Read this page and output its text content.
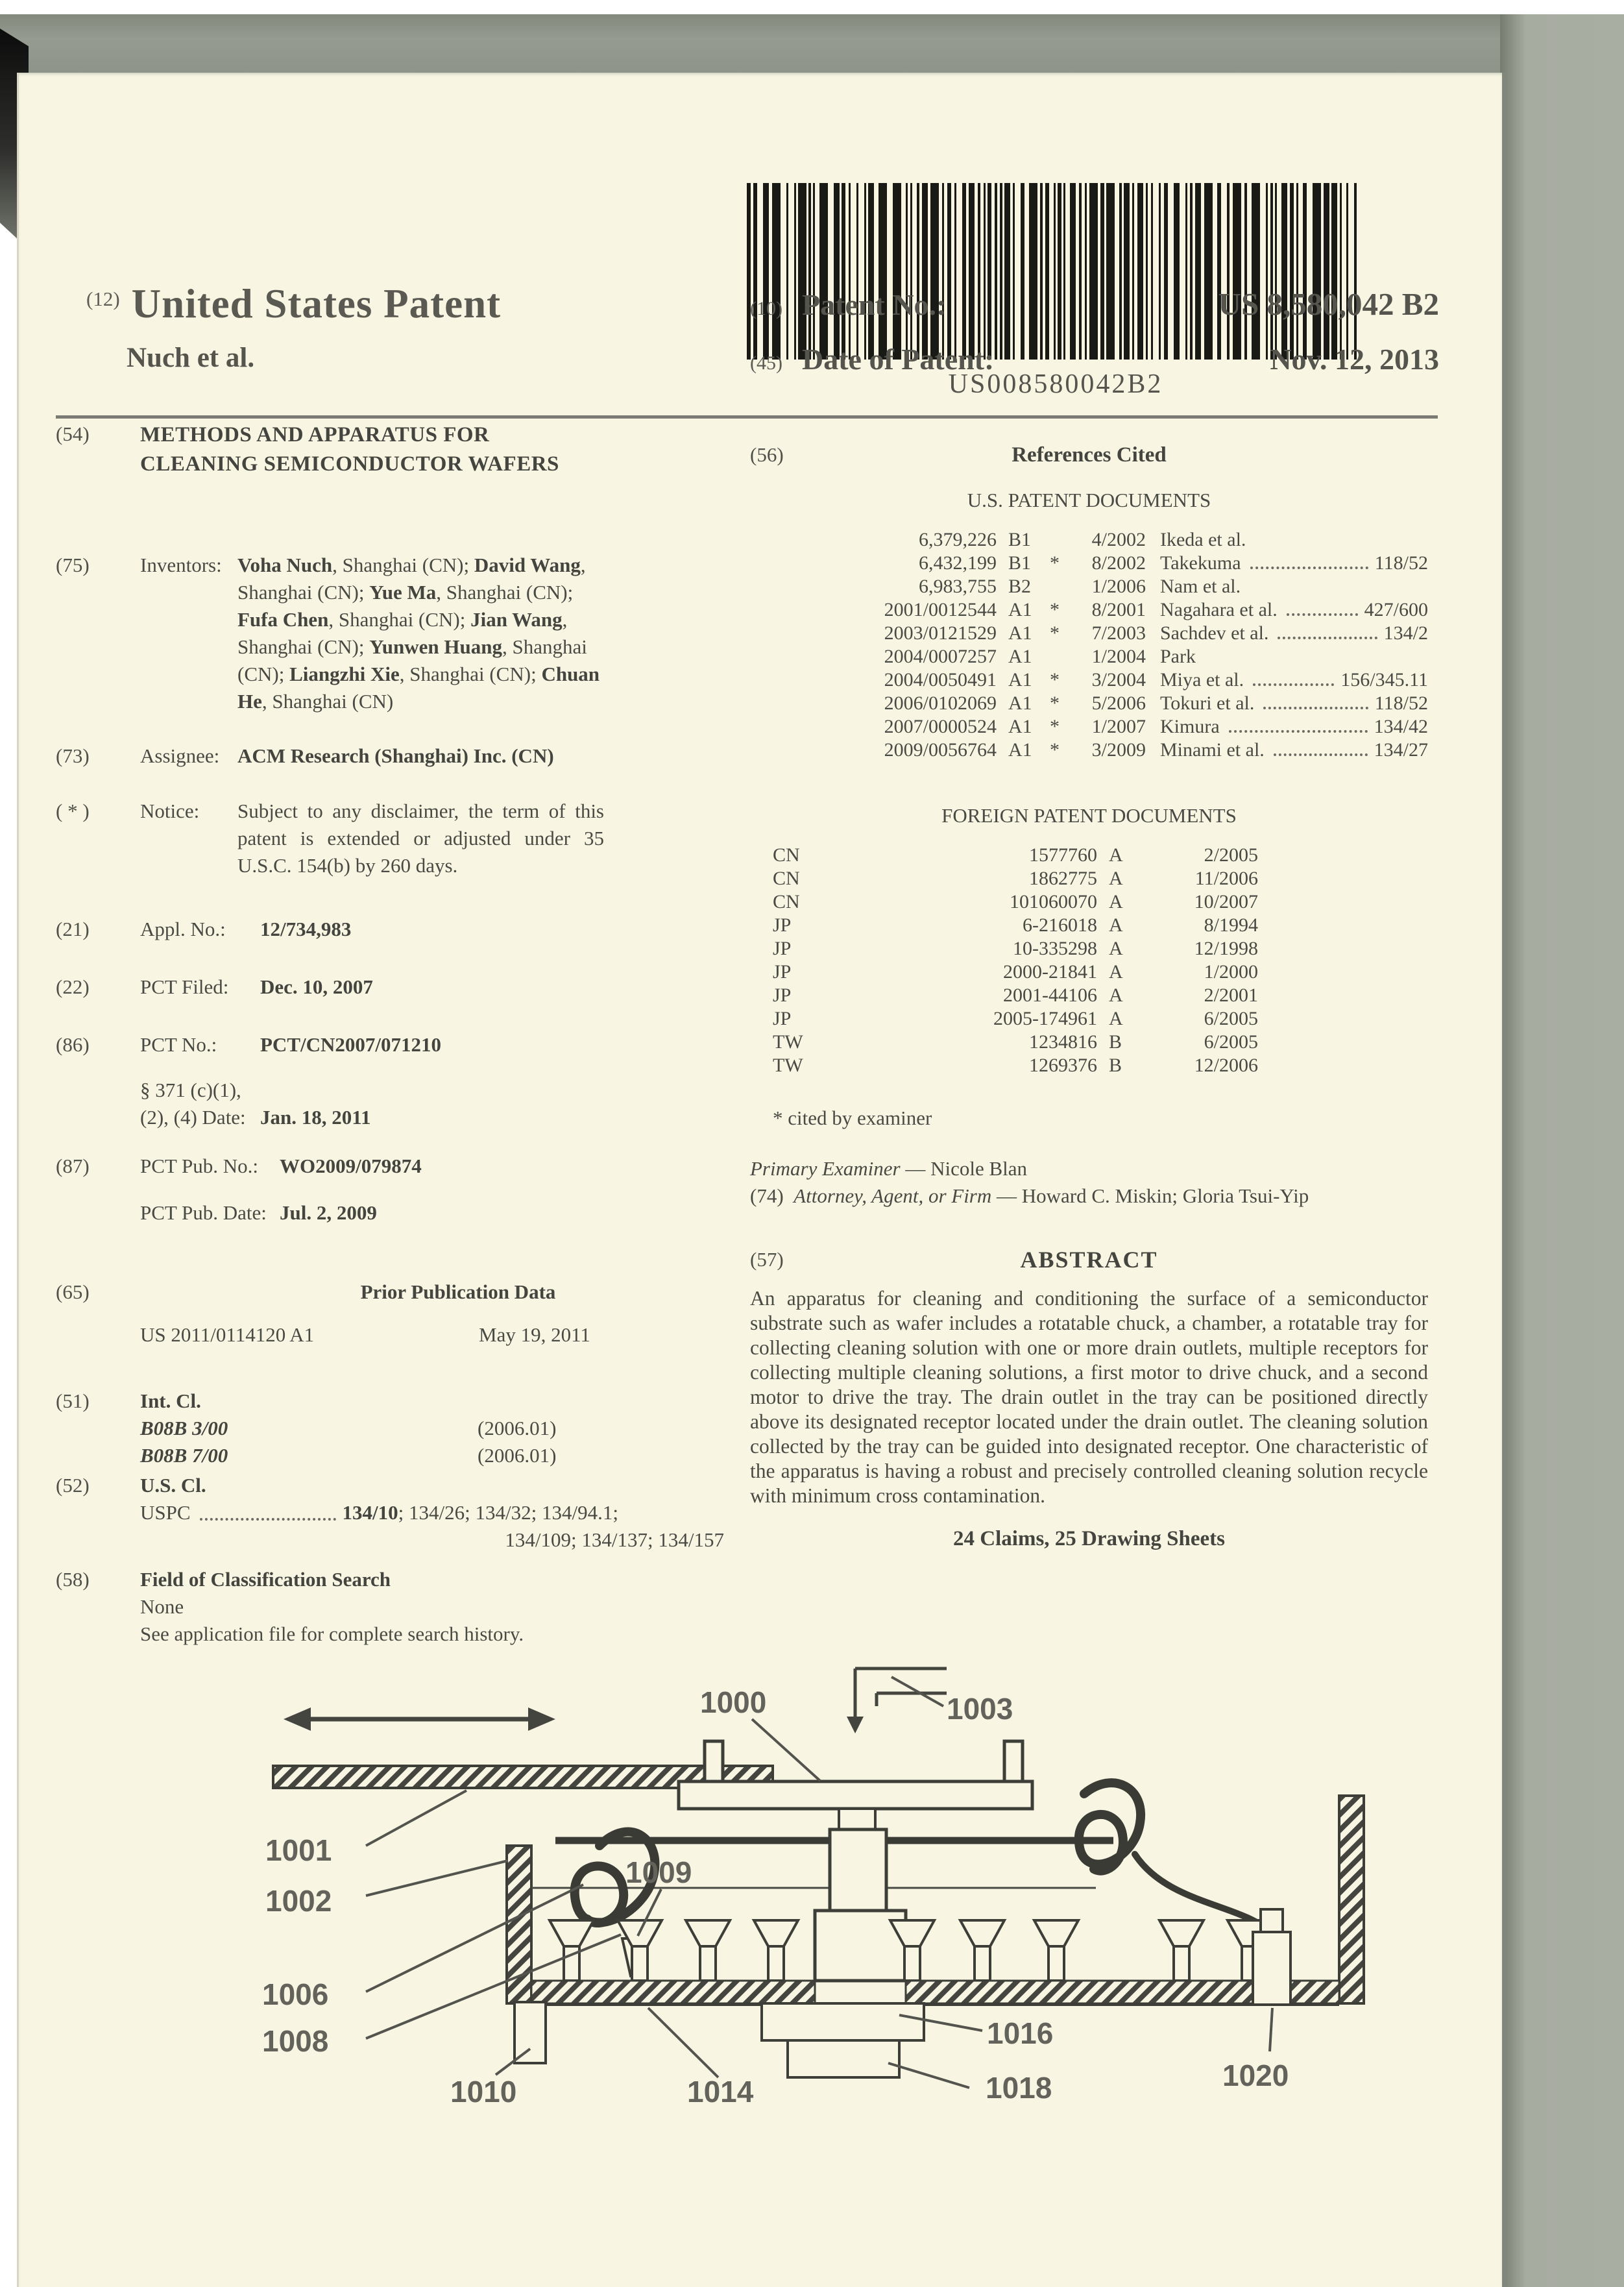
US008580042B2
(12) United States Patent
Nuch et al.
(10) Patent No.:	US 8,580,042 B2
(45) Date of Patent:	Nov. 12, 2013
(54) METHODS AND APPARATUS FOR CLEANING SEMICONDUCTOR WAFERS
(75)	Inventors: Voha Nuch, Shanghai (CN); David Wang, Shanghai (CN); Yue Ma, Shanghai (CN); Fufa Chen, Shanghai (CN); Jian Wang, Shanghai (CN); Yunwen Huang, Shanghai (CN); Liangzhi Xie, Shanghai (CN); Chuan He, Shanghai (CN)
(73)	Assignee: ACM Research (Shanghai) Inc. (CN)
( * )	Notice:	Subject to any disclaimer, the term of this patent is extended or adjusted under 35 U.S.C. 154(b) by 260 days.
(21)	Appl. No.:	12/734,983
(22)	PCT Filed:	Dec. 10, 2007
(86)	PCT No.:	PCT/CN2007/071210
§ 371 (c)(1),
(2), (4) Date: Jan. 18, 2011
(87)	PCT Pub. No.:	WO2009/079874
PCT Pub. Date: Jul. 2, 2009
(65)	Prior Publication Data
US 2011/0114120 A1	May 19, 2011
(51)	Int. Cl.
B08B 3/00	(2006.01)
B08B 7/00	(2006.01)
(52)	U.S. Cl.
USPC	134/10; 134/26; 134/32; 134/94.1;
134/109; 134/137; 134/157
(58)	Field of Classification Search
None
See application file for complete search history.
(56)	References Cited
U.S. PATENT DOCUMENTS
6,379,226 B1	4/2002 Ikeda et al.
6,432,199 B1 *	8/2002 Takekuma	118/52
6,983,755 B2	1/2006 Nam et al.
2001/0012544 A1 *	8/2001 Nagahara et al.	427/600
2003/0121529 A1 *	7/2003 Sachdev et al.	134/2
2004/0007257 A1	1/2004 Park
2004/0050491 A1 *	3/2004 Miya et al.	156/345.11
2006/0102069 A1 *	5/2006 Tokuri et al.	118/52
2007/0000524 A1 *	1/2007 Kimura	134/42
2009/0056764 A1 *	3/2009 Minami et al.	134/27
FOREIGN PATENT DOCUMENTS
CN	1577760 A	2/2005
CN	1862775 A	11/2006
CN	101060070 A	10/2007
JP	6-216018 A	8/1994
JP	10-335298 A	12/1998
JP	2000-21841 A	1/2000
JP	2001-44106 A	2/2001
JP	2005-174961 A	6/2005
TW	1234816 B	6/2005
TW	1269376 B	12/2006
* cited by examiner
Primary Examiner — Nicole Blan
(74) Attorney, Agent, or Firm — Howard C. Miskin; Gloria Tsui-Yip
(57)	ABSTRACT
An apparatus for cleaning and conditioning the surface of a semiconductor substrate such as wafer includes a rotatable chuck, a chamber, a rotatable tray for collecting cleaning solution with one or more drain outlets, multiple receptors for collecting multiple cleaning solutions, a first motor to drive chuck, and a second motor to drive the tray. The drain outlet in the tray can be positioned directly above its designated receptor located under the drain outlet. The cleaning solution collected by the tray can be guided into designated receptor. One characteristic of the apparatus is having a robust and precisely controlled cleaning solution recycle with minimum cross contamination.
24 Claims, 25 Drawing Sheets
1000
1001
1002
1003
1006
1008
1009
1010	1014
1016
1018	1020
